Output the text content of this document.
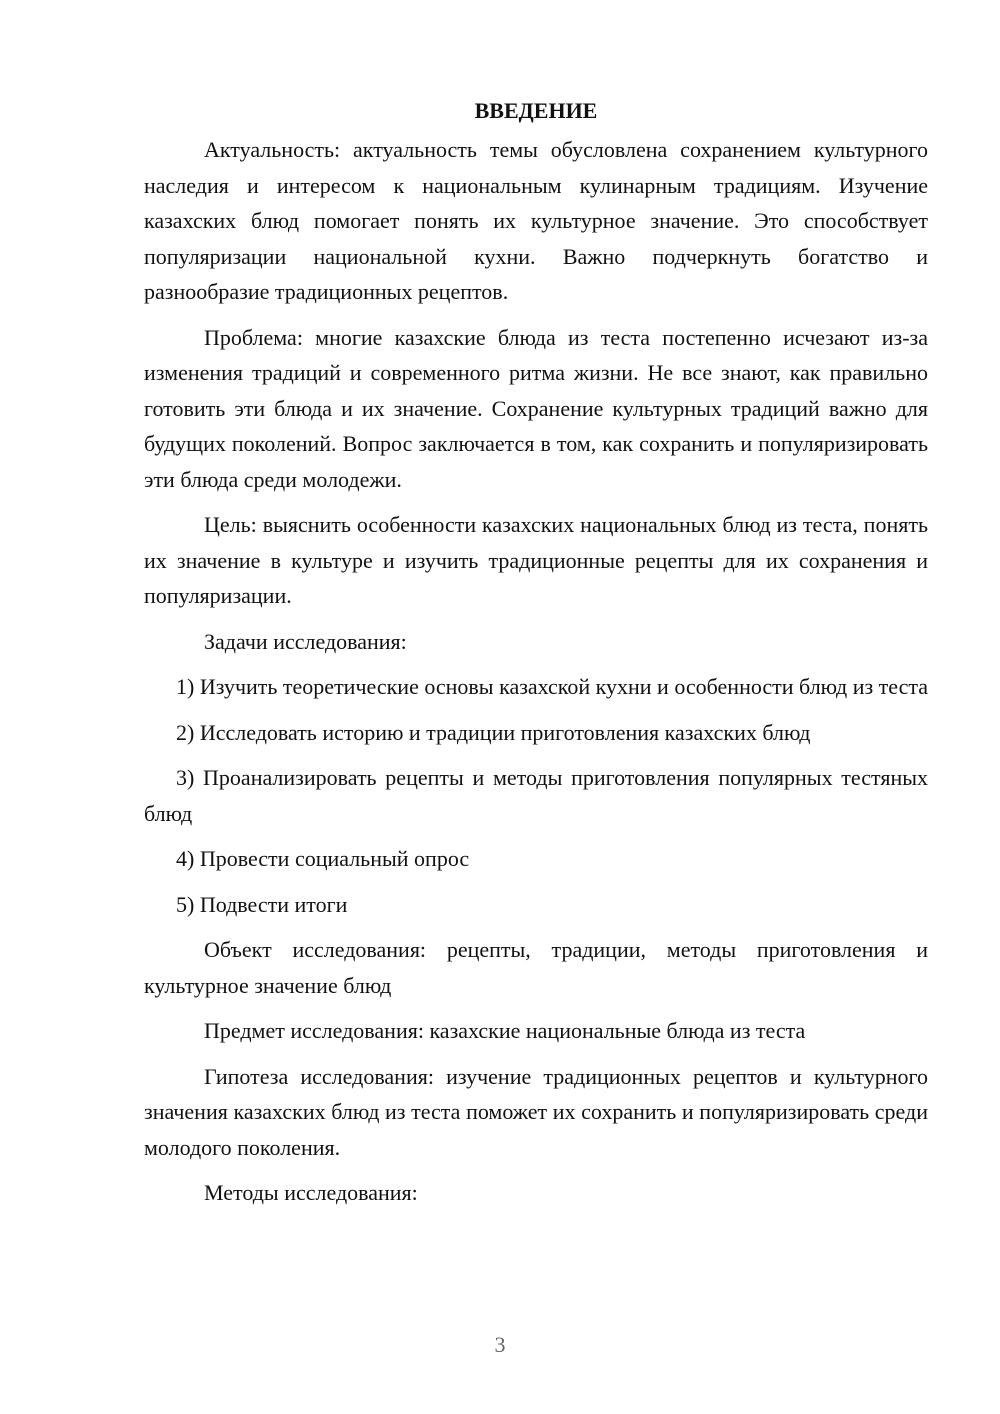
ВВЕДЕНИЕ

Актуальность: актуальность темы обусловлена сохранением культурного наследия и интересом к национальным кулинарным традициям. Изучение казахских блюд помогает понять их культурное значение. Это способствует популяризации национальной кухни. Важно подчеркнуть богатство и разнообразие традиционных рецептов.

Проблема: многие казахские блюда из теста постепенно исчезают из-за изменения традиций и современного ритма жизни. Не все знают, как правильно готовить эти блюда и их значение. Сохранение культурных традиций важно для будущих поколений. Вопрос заключается в том, как сохранить и популяризировать эти блюда среди молодежи.

Цель: выяснить особенности казахских национальных блюд из теста, понять их значение в культуре и изучить традиционные рецепты для их сохранения и популяризации.

Задачи исследования:

1) Изучить теоретические основы казахской кухни и особенности блюд из теста

2) Исследовать историю и традиции приготовления казахских блюд

3) Проанализировать рецепты и методы приготовления популярных тестяных блюд

4) Провести социальный опрос

5) Подвести итоги

Объект исследования: рецепты, традиции, методы приготовления и культурное значение блюд

Предмет исследования: казахские национальные блюда из теста

Гипотеза исследования: изучение традиционных рецептов и культурного значения казахских блюд из теста поможет их сохранить и популяризировать среди молодого поколения.

Методы исследования:

3
